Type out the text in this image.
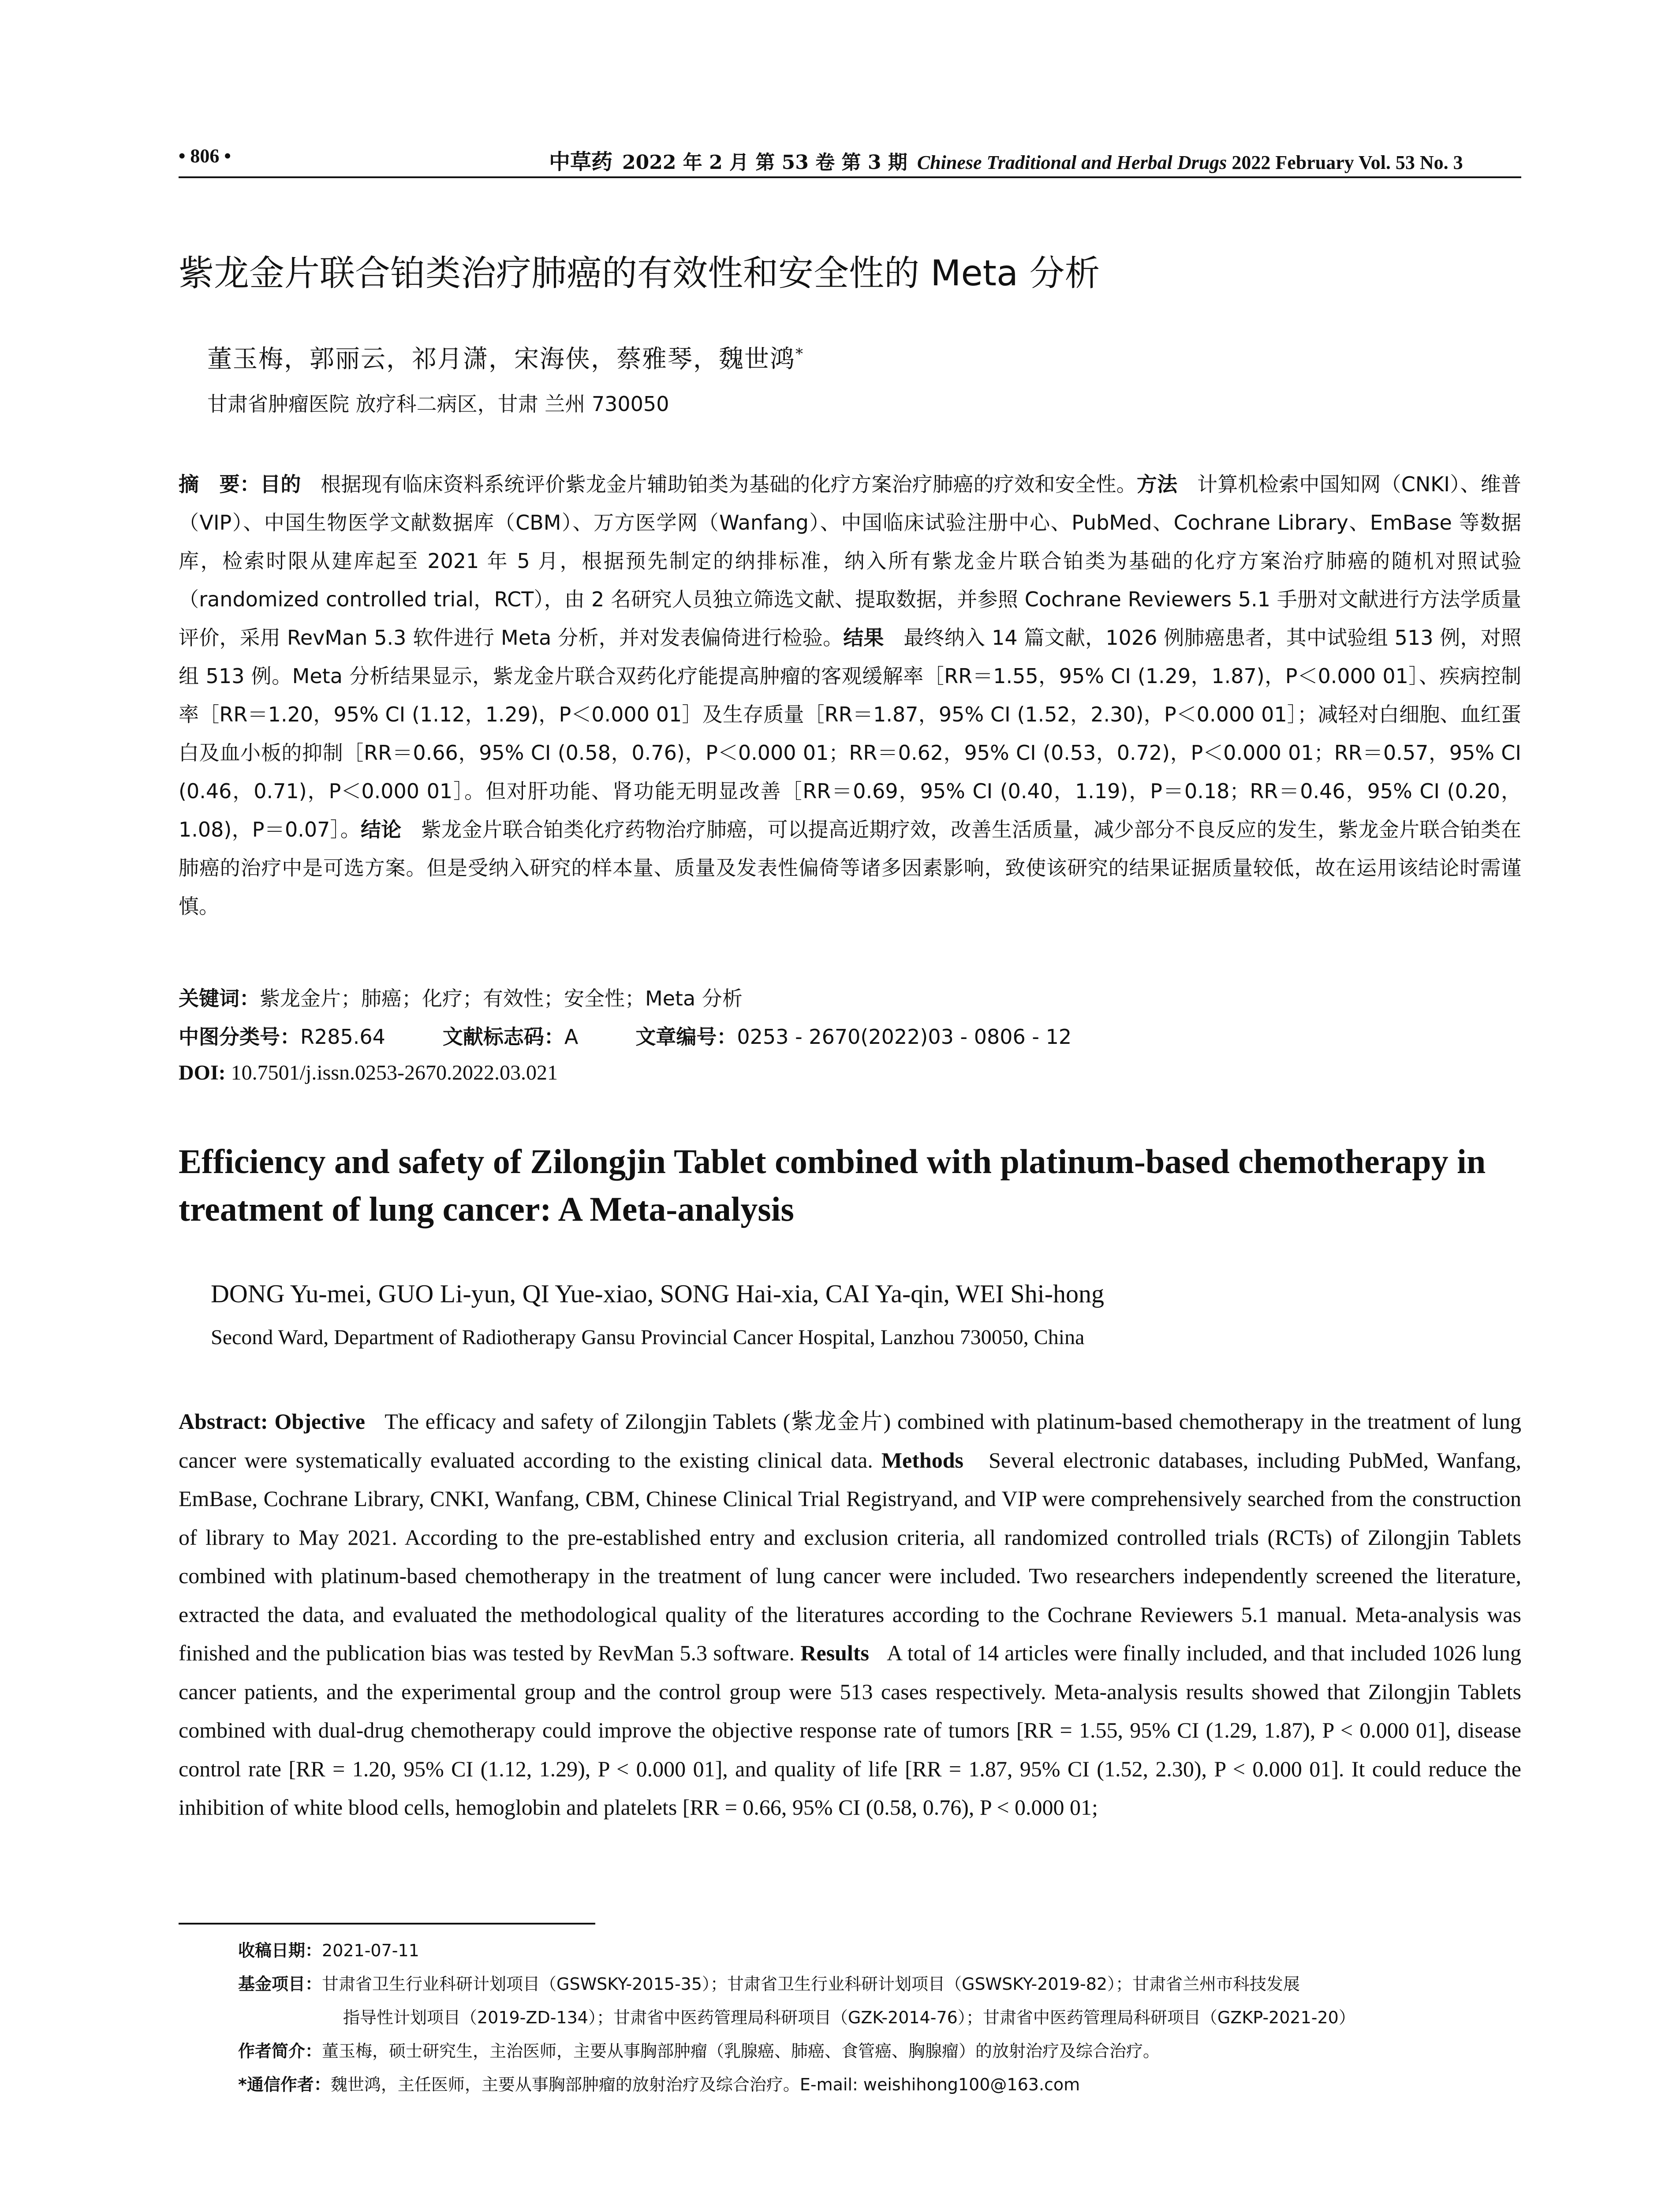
• 806 •	中草药 2022 年 2 月 第 53 卷 第 3 期 Chinese Traditional and Herbal Drugs 2022 February Vol. 53 No. 3
紫龙金片联合铂类治疗肺癌的有效性和安全性的 Meta 分析
董玉梅，郭丽云，祁月潇，宋海侠，蔡雅琴，魏世鸿*
甘肃省肿瘤医院 放疗科二病区，甘肃 兰州 730050
摘　要：目的 根据现有临床资料系统评价紫龙金片辅助铂类为基础的化疗方案治疗肺癌的疗效和安全性。方法 计算机检索中国知网（CNKI）、维普（VIP）、中国生物医学文献数据库（CBM）、万方医学网（Wanfang）、中国临床试验注册中心、PubMed、Cochrane Library、EmBase 等数据库，检索时限从建库起至 2021 年 5 月，根据预先制定的纳排标准，纳入所有紫龙金片联合铂类为基础的化疗方案治疗肺癌的随机对照试验（randomized controlled trial，RCT），由 2 名研究人员独立筛选文献、提取数据，并参照 Cochrane Reviewers 5.1 手册对文献进行方法学质量评价，采用 RevMan 5.3 软件进行 Meta 分析，并对发表偏倚进行检验。结果 最终纳入 14 篇文献，1026 例肺癌患者，其中试验组 513 例，对照组 513 例。Meta 分析结果显示，紫龙金片联合双药化疗能提高肿瘤的客观缓解率［RR＝1.55，95% CI (1.29，1.87)，P＜0.000 01］、疾病控制率［RR＝1.20，95% CI (1.12，1.29)，P＜0.000 01］及生存质量［RR＝1.87，95% CI (1.52，2.30)，P＜0.000 01］；减轻对白细胞、血红蛋白及血小板的抑制［RR＝0.66，95% CI (0.58，0.76)，P＜0.000 01；RR＝0.62，95% CI (0.53，0.72)，P＜0.000 01；RR＝0.57，95% CI (0.46，0.71)，P＜0.000 01］。但对肝功能、肾功能无明显改善［RR＝0.69，95% CI (0.40，1.19)，P＝0.18；RR＝0.46，95% CI (0.20，1.08)，P＝0.07］。结论 紫龙金片联合铂类化疗药物治疗肺癌，可以提高近期疗效，改善生活质量，减少部分不良反应的发生，紫龙金片联合铂类在肺癌的治疗中是可选方案。但是受纳入研究的样本量、质量及发表性偏倚等诸多因素影响，致使该研究的结果证据质量较低，故在运用该结论时需谨慎。
关键词：紫龙金片；肺癌；化疗；有效性；安全性；Meta 分析
中图分类号：R285.64	文献标志码：A	文章编号：0253 - 2670(2022)03 - 0806 - 12
DOI: 10.7501/j.issn.0253-2670.2022.03.021
Efficiency and safety of Zilongjin Tablet combined with platinum-based chemotherapy in treatment of lung cancer: A Meta-analysis
DONG Yu-mei, GUO Li-yun, QI Yue-xiao, SONG Hai-xia, CAI Ya-qin, WEI Shi-hong
Second Ward, Department of Radiotherapy Gansu Provincial Cancer Hospital, Lanzhou 730050, China
Abstract: Objective The efficacy and safety of Zilongjin Tablets (紫龙金片) combined with platinum-based chemotherapy in the treatment of lung cancer were systematically evaluated according to the existing clinical data. Methods Several electronic databases, including PubMed, Wanfang, EmBase, Cochrane Library, CNKI, Wanfang, CBM, Chinese Clinical Trial Registryand, and VIP were comprehensively searched from the construction of library to May 2021. According to the pre-established entry and exclusion criteria, all randomized controlled trials (RCTs) of Zilongjin Tablets combined with platinum-based chemotherapy in the treatment of lung cancer were included. Two researchers independently screened the literature, extracted the data, and evaluated the methodological quality of the literatures according to the Cochrane Reviewers 5.1 manual. Meta-analysis was finished and the publication bias was tested by RevMan 5.3 software. Results A total of 14 articles were finally included, and that included 1026 lung cancer patients, and the experimental group and the control group were 513 cases respectively. Meta-analysis results showed that Zilongjin Tablets combined with dual-drug chemotherapy could improve the objective response rate of tumors [RR = 1.55, 95% CI (1.29, 1.87), P < 0.000 01], disease control rate [RR = 1.20, 95% CI (1.12, 1.29), P < 0.000 01], and quality of life [RR = 1.87, 95% CI (1.52, 2.30), P < 0.000 01]. It could reduce the inhibition of white blood cells, hemoglobin and platelets [RR = 0.66, 95% CI (0.58, 0.76), P < 0.000 01;
收稿日期：2021-07-11
基金项目：甘肃省卫生行业科研计划项目（GSWSKY-2015-35）；甘肃省卫生行业科研计划项目（GSWSKY-2019-82）；甘肃省兰州市科技发展
指导性计划项目（2019-ZD-134）；甘肃省中医药管理局科研项目（GZK-2014-76）；甘肃省中医药管理局科研项目（GZKP-2021-20）
作者简介：董玉梅，硕士研究生，主治医师，主要从事胸部肿瘤（乳腺癌、肺癌、食管癌、胸腺瘤）的放射治疗及综合治疗。
*通信作者：魏世鸿，主任医师，主要从事胸部肿瘤的放射治疗及综合治疗。E-mail: weishihong100@163.com
